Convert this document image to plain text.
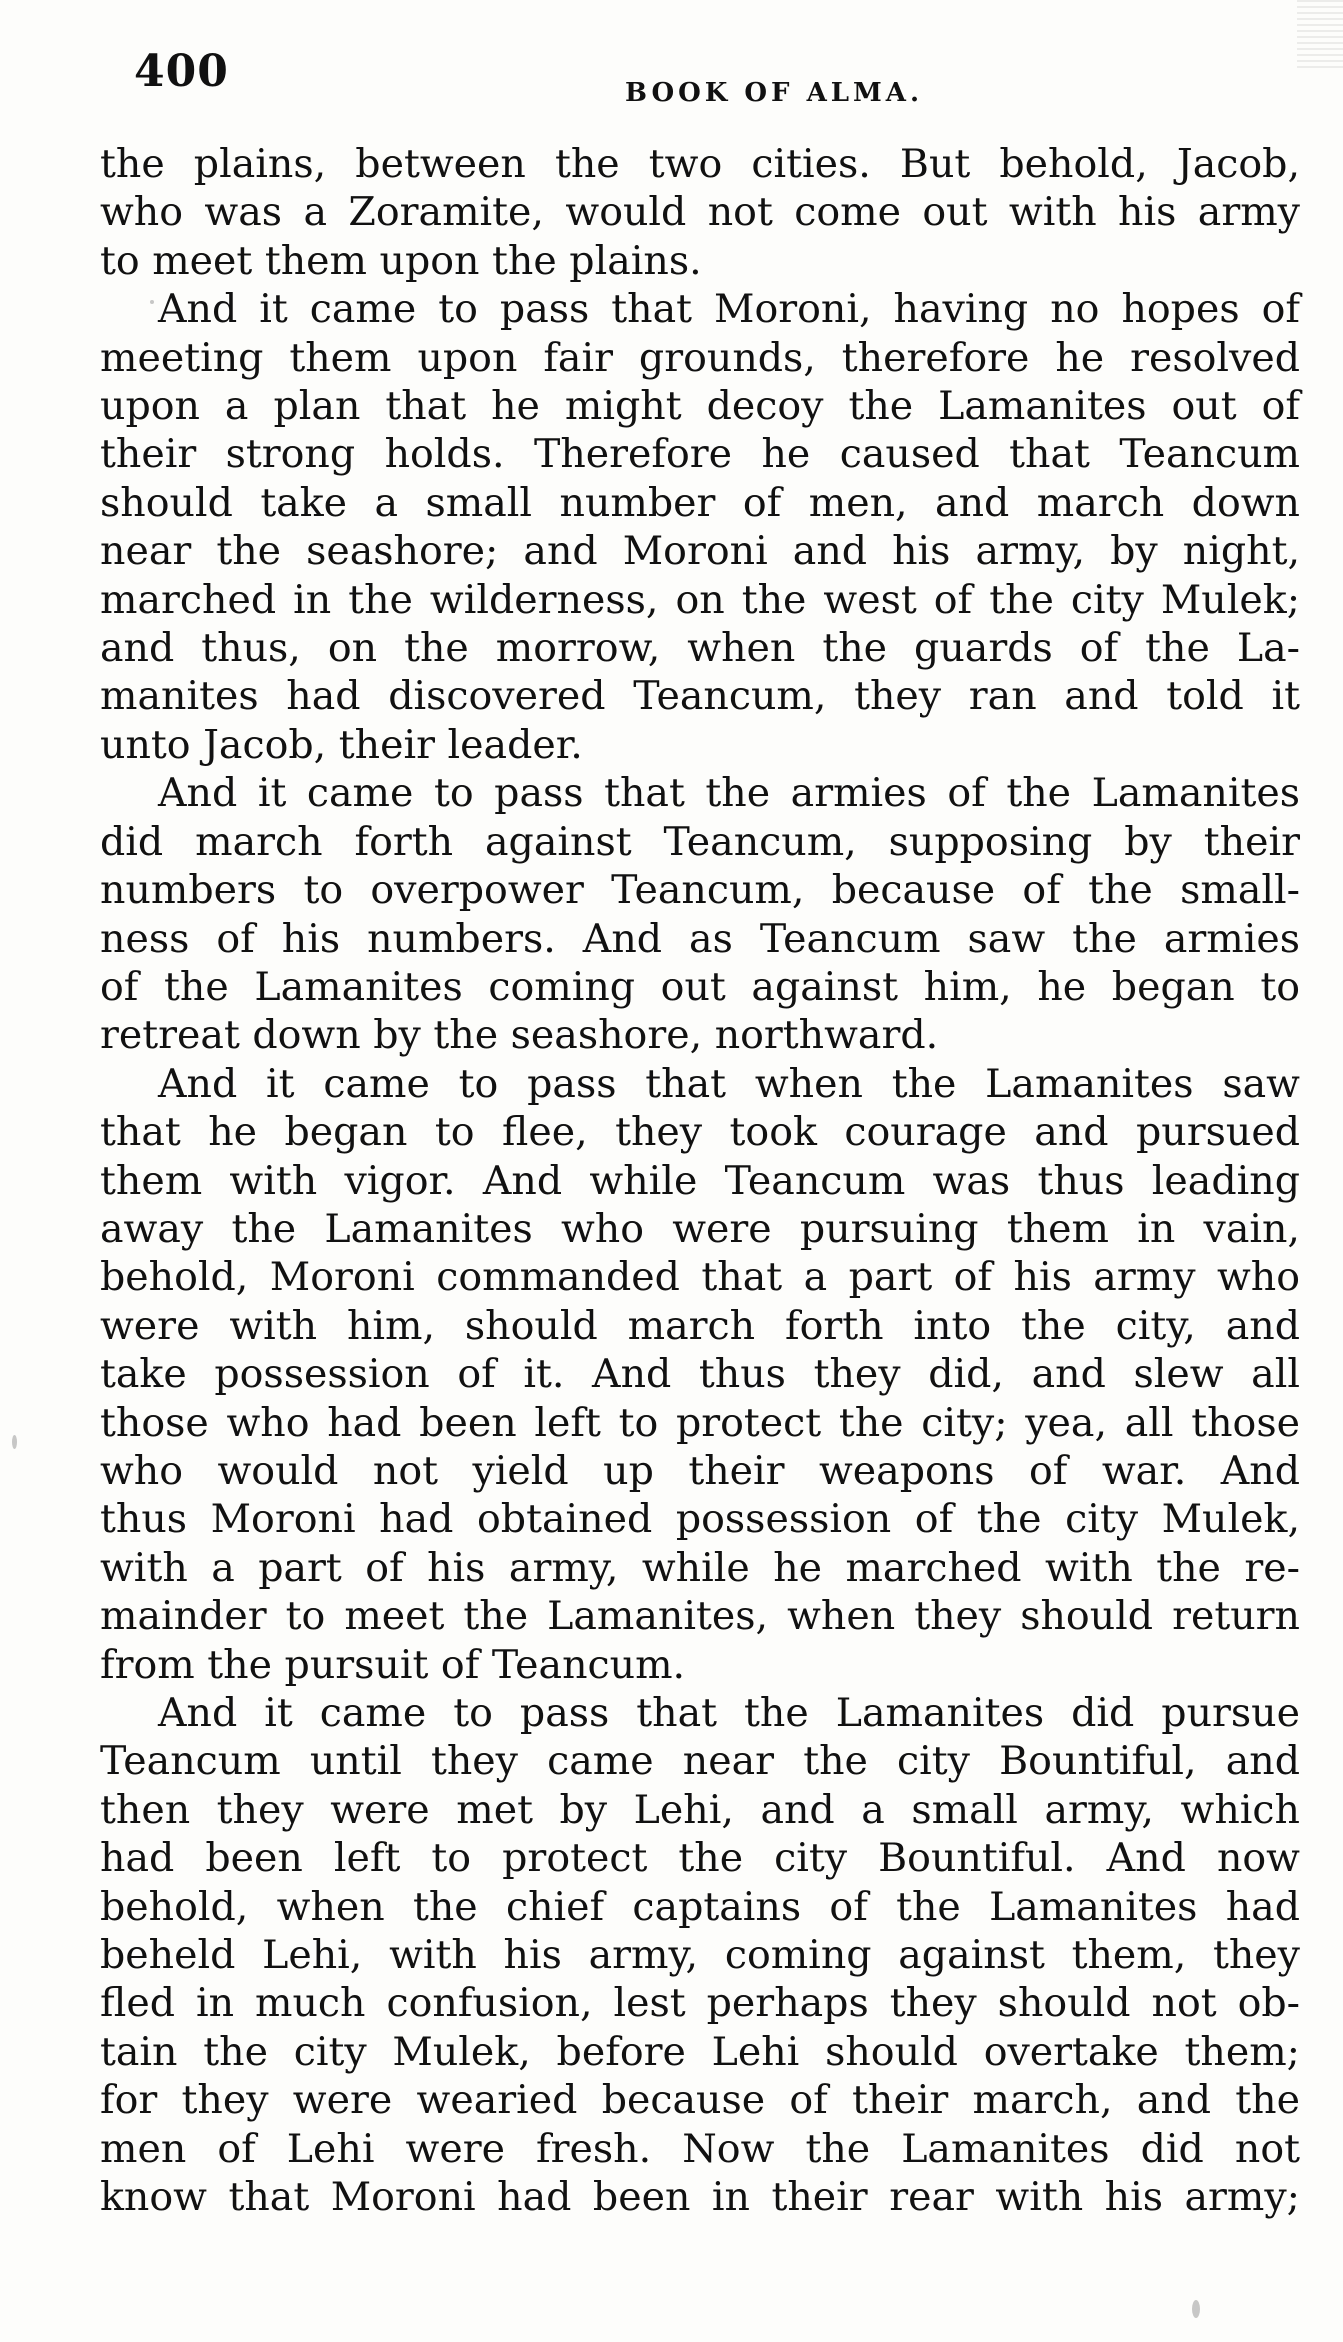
400	BOOK OF ALMA.

the plains, between the two cities. But behold, Jacob,
who was a Zoramite, would not come out with his army
to meet them upon the plains.

And it came to pass that Moroni, having no hopes of
meeting them upon fair grounds, therefore he resolved
upon a plan that he might decoy the Lamanites out of
their strong holds. Therefore he caused that Teancum
should take a small number of men, and march down
near the seashore; and Moroni and his army, by night,
marched in the wilderness, on the west of the city Mulek;
and thus, on the morrow, when the guards of the La-
manites had discovered Teancum, they ran and told it
unto Jacob, their leader.

And it came to pass that the armies of the Lamanites
did march forth against Teancum, supposing by their
numbers to overpower Teancum, because of the small-
ness of his numbers. And as Teancum saw the armies
of the Lamanites coming out against him, he began to
retreat down by the seashore, northward.

And it came to pass that when the Lamanites saw
that he began to flee, they took courage and pursued
them with vigor. And while Teancum was thus leading
away the Lamanites who were pursuing them in vain,
behold, Moroni commanded that a part of his army who
were with him, should march forth into the city, and
take possession of it. And thus they did, and slew all
those who had been left to protect the city; yea, all those
who would not yield up their weapons of war. And
thus Moroni had obtained possession of the city Mulek,
with a part of his army, while he marched with the re-
mainder to meet the Lamanites, when they should return
from the pursuit of Teancum.

And it came to pass that the Lamanites did pursue
Teancum until they came near the city Bountiful, and
then they were met by Lehi, and a small army, which
had been left to protect the city Bountiful. And now
behold, when the chief captains of the Lamanites had
beheld Lehi, with his army, coming against them, they
fled in much confusion, lest perhaps they should not ob-
tain the city Mulek, before Lehi should overtake them;
for they were wearied because of their march, and the
men of Lehi were fresh. Now the Lamanites did not
know that Moroni had been in their rear with his army;
